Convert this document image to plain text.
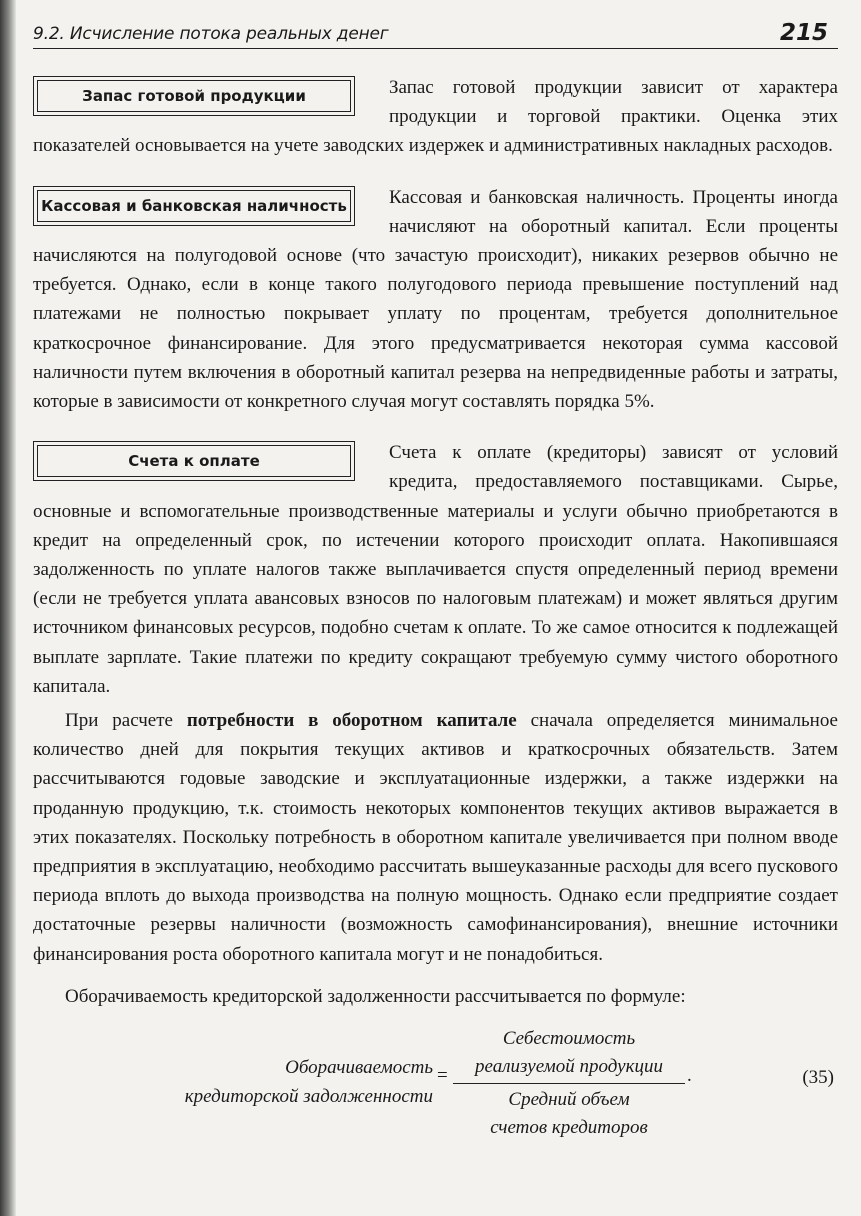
9.2. Исчисление потока реальных денег	215
Запас готовой продукции	Запас готовой продукции зависит от характера продукции и торговой практики. Оценка этих показателей основывается на учете заводских издержек и административных накладных расходов.

Кассовая и банковская наличность	Кассовая и банковская наличность. Проценты иногда начисляют на оборотный капитал. Если проценты начисляются на полугодовой основе (что зачастую происходит), никаких резервов обычно не требуется. Однако, если в конце такого полугодового периода превышение поступлений над платежами не полностью покрывает уплату по процентам, требуется дополнительное краткосрочное финансирование. Для этого предусматривается некоторая сумма кассовой наличности путем включения в оборотный капитал резерва на непредвиденные работы и затраты, которые в зависимости от конкретного случая могут составлять порядка 5%.

Счета к оплате	Счета к оплате (кредиторы) зависят от условий кредита, предоставляемого поставщиками. Сырье, основные и вспомогательные производственные материалы и услуги обычно приобретаются в кредит на определенный срок, по истечении которого происходит оплата. Накопившаяся задолженность по уплате налогов также выплачивается спустя определенный период времени (если не требуется уплата авансовых взносов по налоговым платежам) и может являться другим источником финансовых ресурсов, подобно счетам к оплате. То же самое относится к подлежащей выплате зарплате. Такие платежи по кредиту сокращают требуемую сумму чистого оборотного капитала.

При расчете потребности в оборотном капитале сначала определяется минимальное количество дней для покрытия текущих активов и краткосрочных обязательств. Затем рассчитываются годовые заводские и эксплуатационные издержки, а также издержки на проданную продукцию, т.к. стоимость некоторых компонентов текущих активов выражается в этих показателях. Поскольку потребность в оборотном капитале увеличивается при полном вводе предприятия в эксплуатацию, необходимо рассчитать вышеуказанные расходы для всего пускового периода вплоть до выхода производства на полную мощность. Однако если предприятие создает достаточные резервы наличности (возможность самофинансирования), внешние источники финансирования роста оборотного капитала могут и не понадобиться.

Оборачиваемость кредиторской задолженности рассчитывается по формуле:

Оборачиваемость
кредиторской задолженности
=
Себестоимость
реализуемой продукции
Средний объем
счетов кредиторов
.	(35)
